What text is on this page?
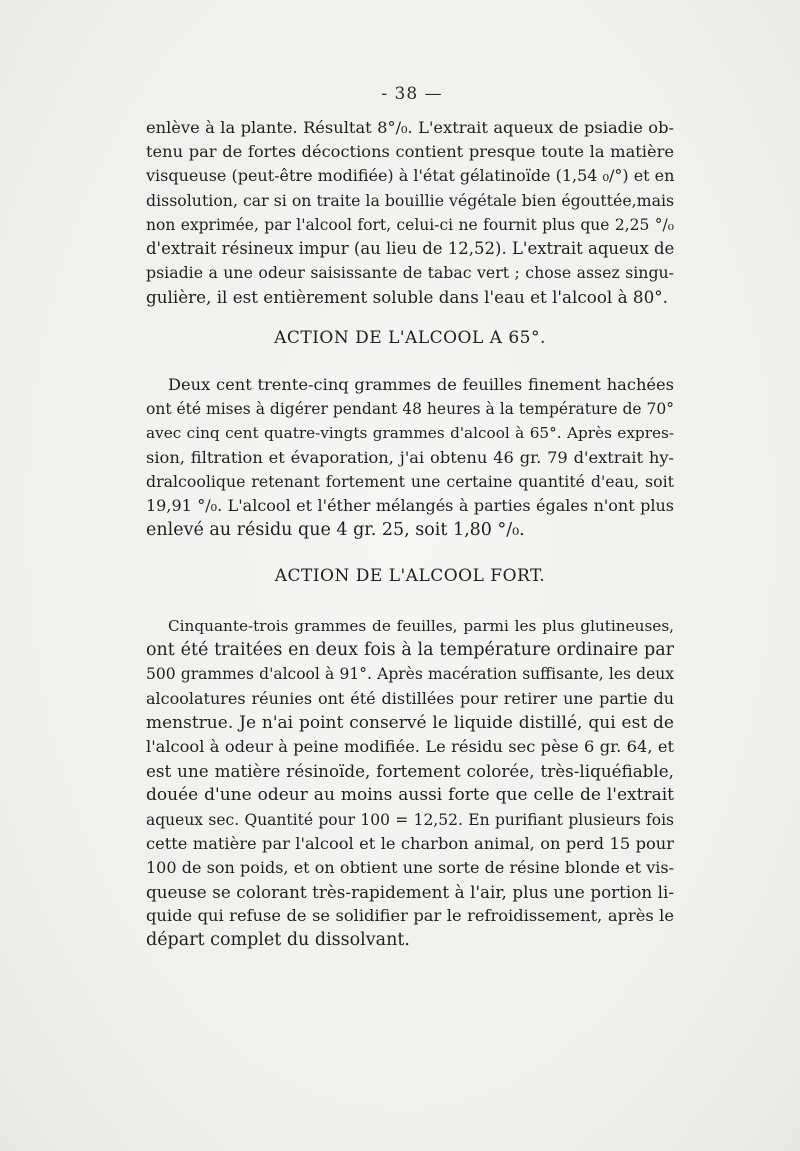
- 38 —
enlève à la plante. Résultat 8°/₀. L'extrait aqueux de psiadie ob-
tenu par de fortes décoctions contient presque toute la matière
visqueuse (peut-être modifiée) à l'état gélatinoïde (1,54 ₀/°) et en
dissolution, car si on traite la bouillie végétale bien égouttée,mais
non exprimée, par l'alcool fort, celui-ci ne fournit plus que 2,25 °/₀
d'extrait résineux impur (au lieu de 12,52). L'extrait aqueux de
psiadie a une odeur saisissante de tabac vert ; chose assez singu-
gulière, il est entièrement soluble dans l'eau et l'alcool à 80°.
ACTION DE L'ALCOOL A 65°.
Deux cent trente-cinq grammes de feuilles finement hachées
ont été mises à digérer pendant 48 heures à la température de 70°
avec cinq cent quatre-vingts grammes d'alcool à 65°. Après expres-
sion, filtration et évaporation, j'ai obtenu 46 gr. 79 d'extrait hy-
dralcoolique retenant fortement une certaine quantité d'eau, soit
19,91 °/₀. L'alcool et l'éther mélangés à parties égales n'ont plus
enlevé au résidu que 4 gr. 25, soit 1,80 °/₀.
ACTION DE L'ALCOOL FORT.
Cinquante-trois grammes de feuilles, parmi les plus glutineuses,
ont été traitées en deux fois à la température ordinaire par
500 grammes d'alcool à 91°. Après macération suffisante, les deux
alcoolatures réunies ont été distillées pour retirer une partie du
menstrue. Je n'ai point conservé le liquide distillé, qui est de
l'alcool à odeur à peine modifiée. Le résidu sec pèse 6 gr. 64, et
est une matière résinoïde, fortement colorée, très-liquéfiable,
douée d'une odeur au moins aussi forte que celle de l'extrait
aqueux sec. Quantité pour 100 = 12,52. En purifiant plusieurs fois
cette matière par l'alcool et le charbon animal, on perd 15 pour
100 de son poids, et on obtient une sorte de résine blonde et vis-
queuse se colorant très-rapidement à l'air, plus une portion li-
quide qui refuse de se solidifier par le refroidissement, après le
départ complet du dissolvant.
